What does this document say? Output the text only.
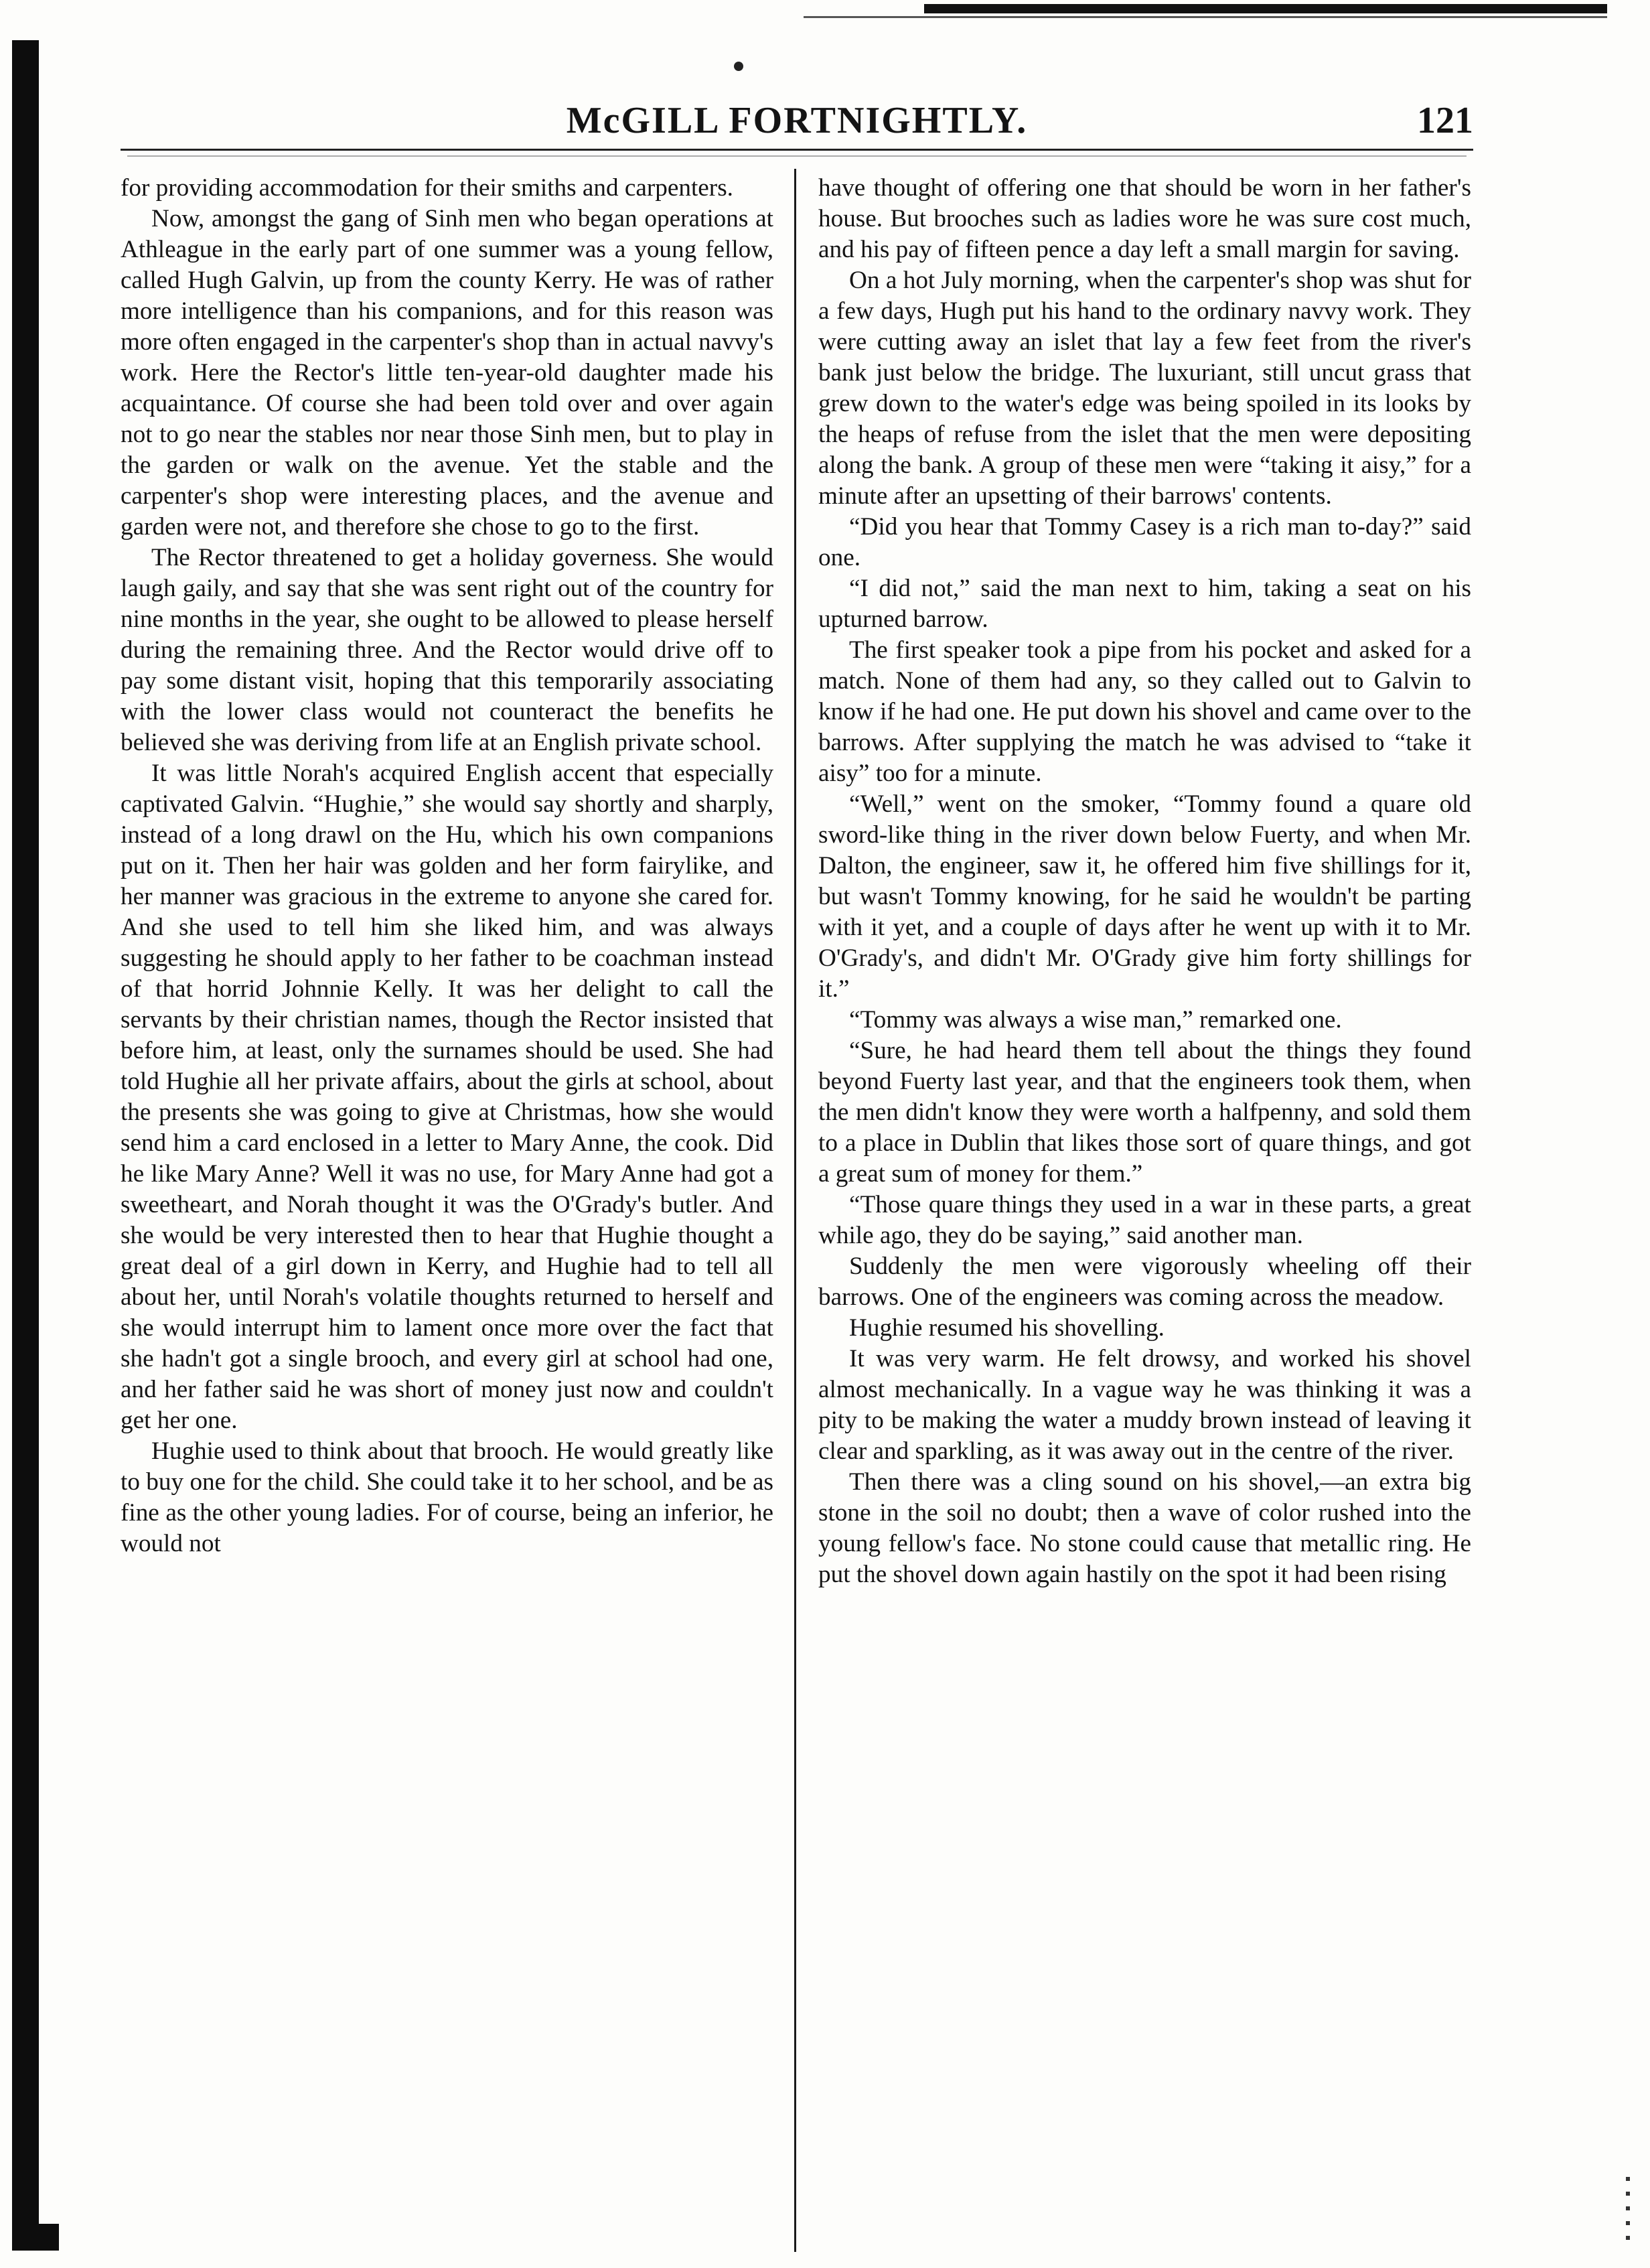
McGILL FORTNIGHTLY.	121

for providing accommodation for their smiths and carpenters.

Now, amongst the gang of Sinh men who began operations at Athleague in the early part of one summer was a young fellow, called Hugh Galvin, up from the county Kerry. He was of rather more intelligence than his companions, and for this reason was more often engaged in the carpenter's shop than in actual navvy's work. Here the Rector's little ten-year-old daughter made his acquaintance. Of course she had been told over and over again not to go near the stables nor near those Sinh men, but to play in the garden or walk on the avenue. Yet the stable and the carpenter's shop were interesting places, and the avenue and garden were not, and therefore she chose to go to the first.

The Rector threatened to get a holiday governess. She would laugh gaily, and say that she was sent right out of the country for nine months in the year, she ought to be allowed to please herself during the remaining three. And the Rector would drive off to pay some distant visit, hoping that this temporarily associating with the lower class would not counteract the benefits he believed she was deriving from life at an English private school.

It was little Norah's acquired English accent that especially captivated Galvin. “Hughie,” she would say shortly and sharply, instead of a long drawl on the Hu, which his own companions put on it. Then her hair was golden and her form fairylike, and her manner was gracious in the extreme to anyone she cared for. And she used to tell him she liked him, and was always suggesting he should apply to her father to be coachman instead of that horrid Johnnie Kelly. It was her delight to call the servants by their christian names, though the Rector insisted that before him, at least, only the surnames should be used. She had told Hughie all her private affairs, about the girls at school, about the presents she was going to give at Christmas, how she would send him a card enclosed in a letter to Mary Anne, the cook. Did he like Mary Anne? Well it was no use, for Mary Anne had got a sweetheart, and Norah thought it was the O'Grady's butler. And she would be very interested then to hear that Hughie thought a great deal of a girl down in Kerry, and Hughie had to tell all about her, until Norah's volatile thoughts returned to herself and she would interrupt him to lament once more over the fact that she hadn't got a single brooch, and every girl at school had one, and her father said he was short of money just now and couldn't get her one.

Hughie used to think about that brooch. He would greatly like to buy one for the child. She could take it to her school, and be as fine as the other young ladies. For of course, being an inferior, he would not

have thought of offering one that should be worn in her father's house. But brooches such as ladies wore he was sure cost much, and his pay of fifteen pence a day left a small margin for saving.

On a hot July morning, when the carpenter's shop was shut for a few days, Hugh put his hand to the ordinary navvy work. They were cutting away an islet that lay a few feet from the river's bank just below the bridge. The luxuriant, still uncut grass that grew down to the water's edge was being spoiled in its looks by the heaps of refuse from the islet that the men were depositing along the bank. A group of these men were “taking it aisy,” for a minute after an upsetting of their barrows' contents.

“Did you hear that Tommy Casey is a rich man to-day?” said one.

“I did not,” said the man next to him, taking a seat on his upturned barrow.

The first speaker took a pipe from his pocket and asked for a match. None of them had any, so they called out to Galvin to know if he had one. He put down his shovel and came over to the barrows. After supplying the match he was advised to “take it aisy” too for a minute.

“Well,” went on the smoker, “Tommy found a quare old sword-like thing in the river down below Fuerty, and when Mr. Dalton, the engineer, saw it, he offered him five shillings for it, but wasn't Tommy knowing, for he said he wouldn't be parting with it yet, and a couple of days after he went up with it to Mr. O'Grady's, and didn't Mr. O'Grady give him forty shillings for it.”

“Tommy was always a wise man,” remarked one.

“Sure, he had heard them tell about the things they found beyond Fuerty last year, and that the engineers took them, when the men didn't know they were worth a halfpenny, and sold them to a place in Dublin that likes those sort of quare things, and got a great sum of money for them.”

“Those quare things they used in a war in these parts, a great while ago, they do be saying,” said another man.

Suddenly the men were vigorously wheeling off their barrows. One of the engineers was coming across the meadow.

Hughie resumed his shovelling.

It was very warm. He felt drowsy, and worked his shovel almost mechanically. In a vague way he was thinking it was a pity to be making the water a muddy brown instead of leaving it clear and sparkling, as it was away out in the centre of the river.

Then there was a cling sound on his shovel,—an extra big stone in the soil no doubt; then a wave of color rushed into the young fellow's face. No stone could cause that metallic ring. He put the shovel down again hastily on the spot it had been rising
